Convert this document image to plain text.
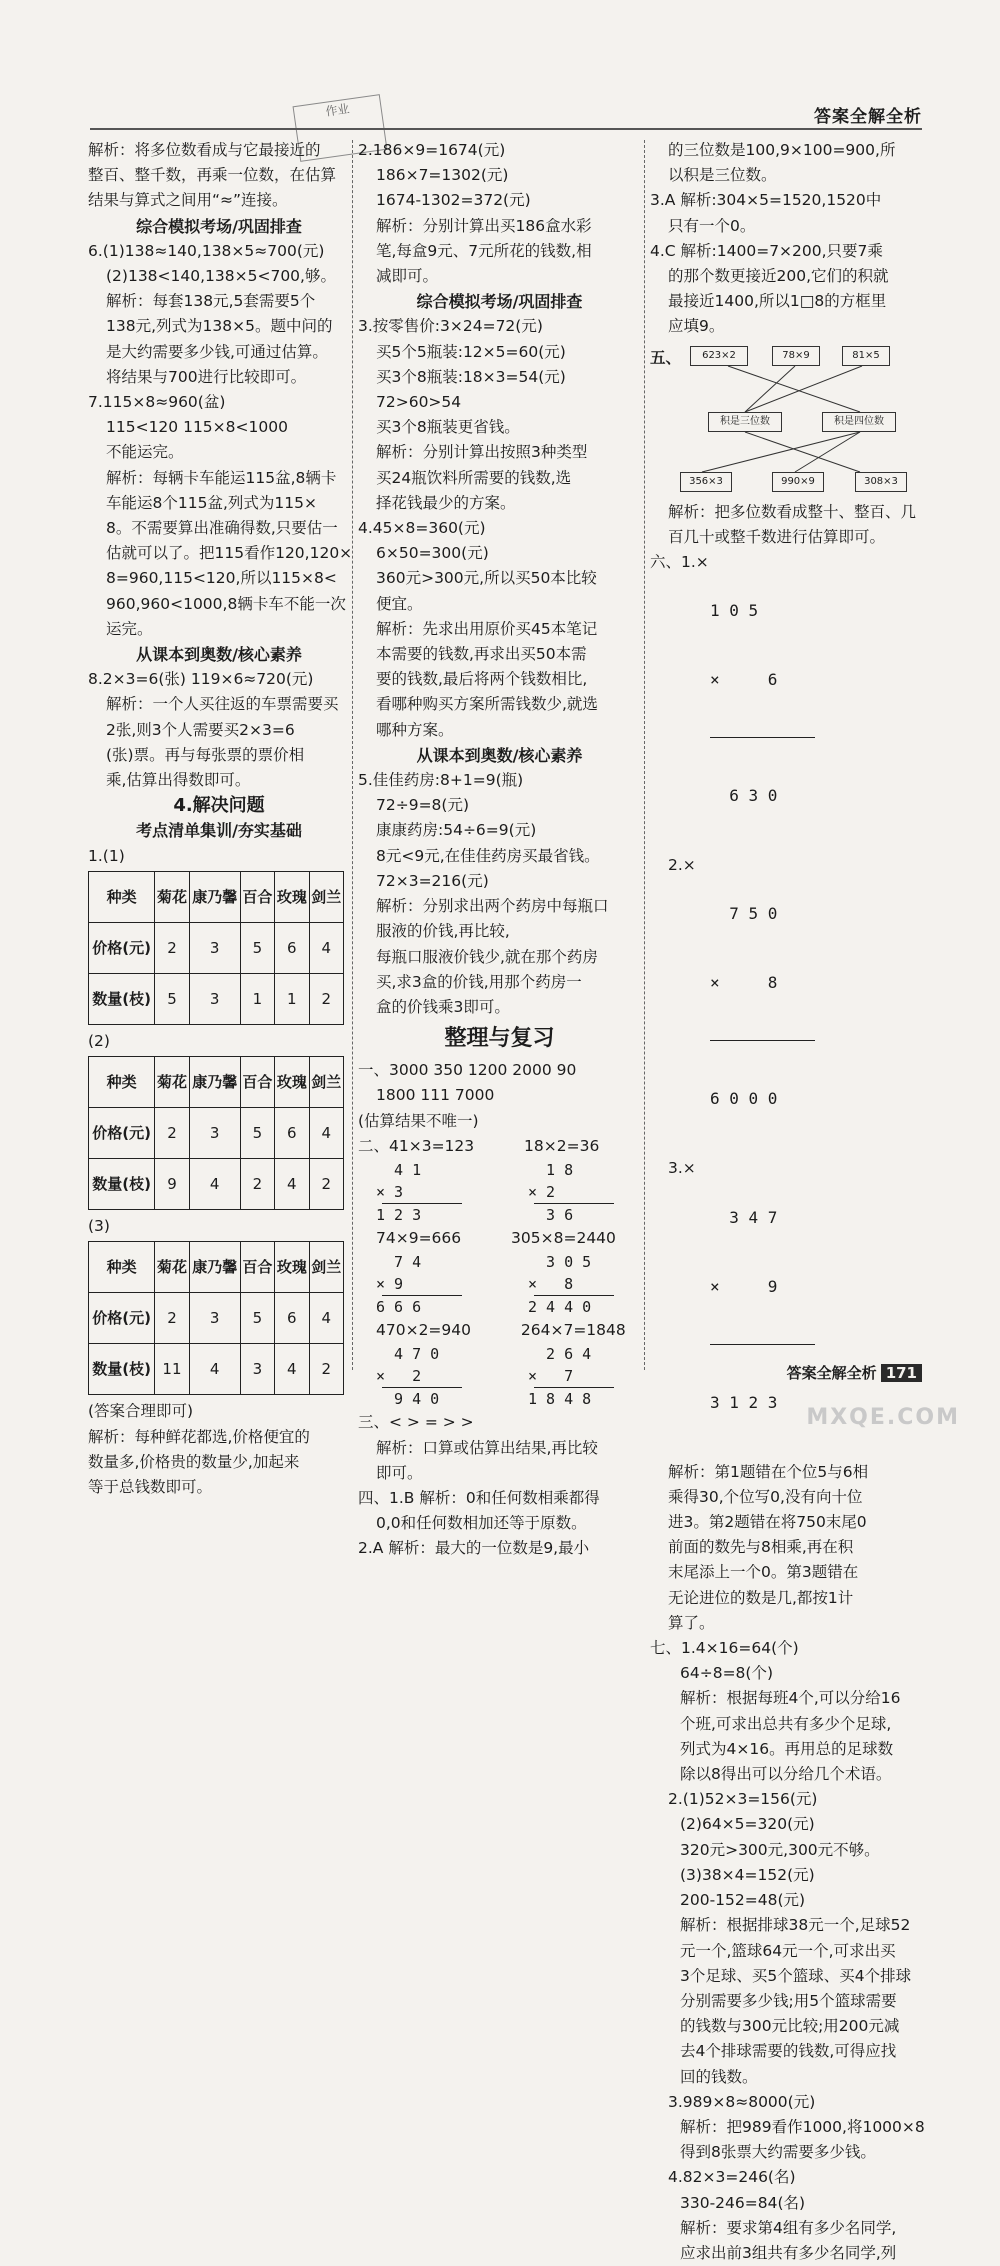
作业	答案全解全析
解析：将多位数看成与它最接近的
整百、整千数，再乘一位数，在估算
结果与算式之间用“≈”连接。
综合模拟考场/巩固排查
6.(1)138≈140,138×5≈700(元)
(2)138<140,138×5<700,够。
解析：每套138元,5套需要5个
138元,列式为138×5。题中问的
是大约需要多少钱,可通过估算。
将结果与700进行比较即可。
7.115×8≈960(盆)
115<120 115×8<1000
不能运完。
解析：每辆卡车能运115盆,8辆卡
车能运8个115盆,列式为115×
8。不需要算出准确得数,只要估一
估就可以了。把115看作120,120×
8=960,115<120,所以115×8<
960,960<1000,8辆卡车不能一次
运完。
从课本到奥数/核心素养
8.2×3=6(张) 119×6≈720(元)
解析：一个人买往返的车票需要买
2张,则3个人需要买2×3=6
(张)票。再与每张票的票价相
乘,估算出得数即可。
4.解决问题
考点清单集训/夯实基础
1.(1)
种类	菊花	康乃馨	百合	玫瑰	剑兰
价格(元)	2	3	5	6	4
数量(枝)	5	3	1	1	2
(2)
种类	菊花	康乃馨	百合	玫瑰	剑兰
价格(元)	2	3	5	6	4
数量(枝)	9	4	2	4	2
(3)
种类	菊花	康乃馨	百合	玫瑰	剑兰
价格(元)	2	3	5	6	4
数量(枝)	11	4	3	4	2
(答案合理即可)
解析：每种鲜花都选,价格便宜的
数量多,价格贵的数量少,加起来
等于总钱数即可。
2.186×9=1674(元)
186×7=1302(元)
1674-1302=372(元)
解析：分别计算出买186盒水彩
笔,每盒9元、7元所花的钱数,相
减即可。
综合模拟考场/巩固排查
3.按零售价:3×24=72(元)
买5个5瓶装:12×5=60(元)
买3个8瓶装:18×3=54(元)
72>60>54
买3个8瓶装更省钱。
解析：分别计算出按照3种类型
买24瓶饮料所需要的钱数,选
择花钱最少的方案。
4.45×8=360(元)
6×50=300(元)
360元>300元,所以买50本比较
便宜。
解析：先求出用原价买45本笔记
本需要的钱数,再求出买50本需
要的钱数,最后将两个钱数相比,
看哪种购买方案所需钱数少,就选
哪种方案。
从课本到奥数/核心素养
5.佳佳药房:8+1=9(瓶)
72÷9=8(元)
康康药房:54÷6=9(元)
8元<9元,在佳佳药房买最省钱。
72×3=216(元)
解析：分别求出两个药房中每瓶口
服液的价钱,再比较,
每瓶口服液价钱少,就在那个药房
买,求3盒的价钱,用那个药房一
盒的价钱乘3即可。
整理与复习
一、3000 350 1200 2000 90
1800 111 7000
(估算结果不唯一)
二、41×3=123	18×2=36
4 1
× 3
1 2 3
1 8
× 2
3 6
74×9=666	305×8=2440
7 4
× 9
6 6 6
3 0 5
×   8
2 4 4 0
470×2=940	264×7=1848
4 7 0
×   2
9 4 0
2 6 4
×   7
1 8 4 8
三、< > = > >
解析：口算或估算出结果,再比较
即可。
四、1.B 解析：0和任何数相乘都得
0,0和任何数相加还等于原数。
2.A 解析：最大的一位数是9,最小
的三位数是100,9×100=900,所
以积是三位数。
3.A 解析:304×5=1520,1520中
只有一个0。
4.C 解析:1400=7×200,只要7乘
的那个数更接近200,它们的积就
最接近1400,所以1□8的方框里
应填9。
五、	623×2	78×9	81×5
积是三位数	积是四位数
356×3	990×9	308×3
解析：把多位数看成整十、整百、几
百几十或整千数进行估算即可。
六、1.×

1 0 5

×     6

6 3 0

2.×

7 5 0

×     8

6 0 0 0

3.×

3 4 7

×     9

3 1 2 3

解析：第1题错在个位5与6相
乘得30,个位写0,没有向十位
进3。第2题错在将750末尾0
前面的数先与8相乘,再在积
末尾添上一个0。第3题错在
无论进位的数是几,都按1计
算了。
七、1.4×16=64(个)
64÷8=8(个)
解析：根据每班4个,可以分给16
个班,可求出总共有多少个足球,
列式为4×16。再用总的足球数
除以8得出可以分给几个术语。
2.(1)52×3=156(元)
(2)64×5=320(元)
320元>300元,300元不够。
(3)38×4=152(元)
200-152=48(元)
解析：根据排球38元一个,足球52
元一个,篮球64元一个,可求出买
3个足球、买5个篮球、买4个排球
分别需要多少钱;用5个篮球需要
的钱数与300元比较;用200元减
去4个排球需要的钱数,可得应找
回的钱数。
3.989×8≈8000(元)
解析：把989看作1000,将1000×8
得到8张票大约需要多少钱。
4.82×3=246(名)
330-246=84(名)
解析：要求第4组有多少名同学,
应求出前3组共有多少名同学,列
答案全解全析 171
MXQE.COM
